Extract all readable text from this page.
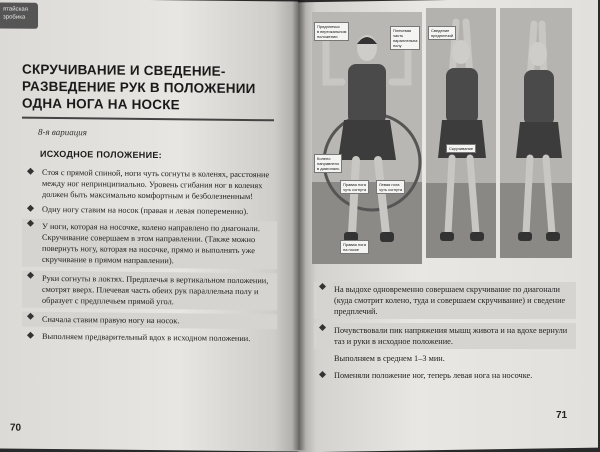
ятайская
зробика
СКРУЧИВАНИЕ И СВЕДЕНИЕ-
РАЗВЕДЕНИЕ РУК В ПОЛОЖЕНИИ
ОДНА НОГА НА НОСКЕ
8-я вариация
ИСХОДНОЕ ПОЛОЖЕНИЕ:
Стоя с прямой спиной, ноги чуть согнуты в коленях, расстояние между ног непринципиально. Уровень сгибания ног в коленях должен быть максимально комфортным и безболезненным!
Одну ногу ставим на носок (правая и левая попеременно).
У ноги, которая на носочке, колено направлено по диагонали. Скручивание совершаем в этом направлении. (Также можно повернуть ногу, которая на носочке, прямо и выполнять уже скручивание в прямом направлении).
Руки согнуты в локтях. Предплечья в вертикальном положении, смотрят вверх. Плечевая часть обеих рук параллельна полу и образует с предплечьем прямой угол.
Сначала ставим правую ногу на носок.
Выполняем предварительный вдох в исходном положении.
70
Предплечья
в вертикальном
положении
Плечевая
часть
параллельна
полу
Колено
направлено
в диагональ
Правая нога
чуть согнута
Левая нога
чуть согнута
Правая нога
на носке
Сведение
предплечий
Скручивание
На выдохе одновременно совершаем скручивание по диагонали (куда смотрит колено, туда и совершаем скручивание) и сведение предплечий.
Почувствовали пик напряжения мышц живота и на вдохе вернули таз и руки в исходное положение.
Выполняем в среднем 1–3 мин.
Поменяли положение ног, теперь левая нога на носочке.
71
